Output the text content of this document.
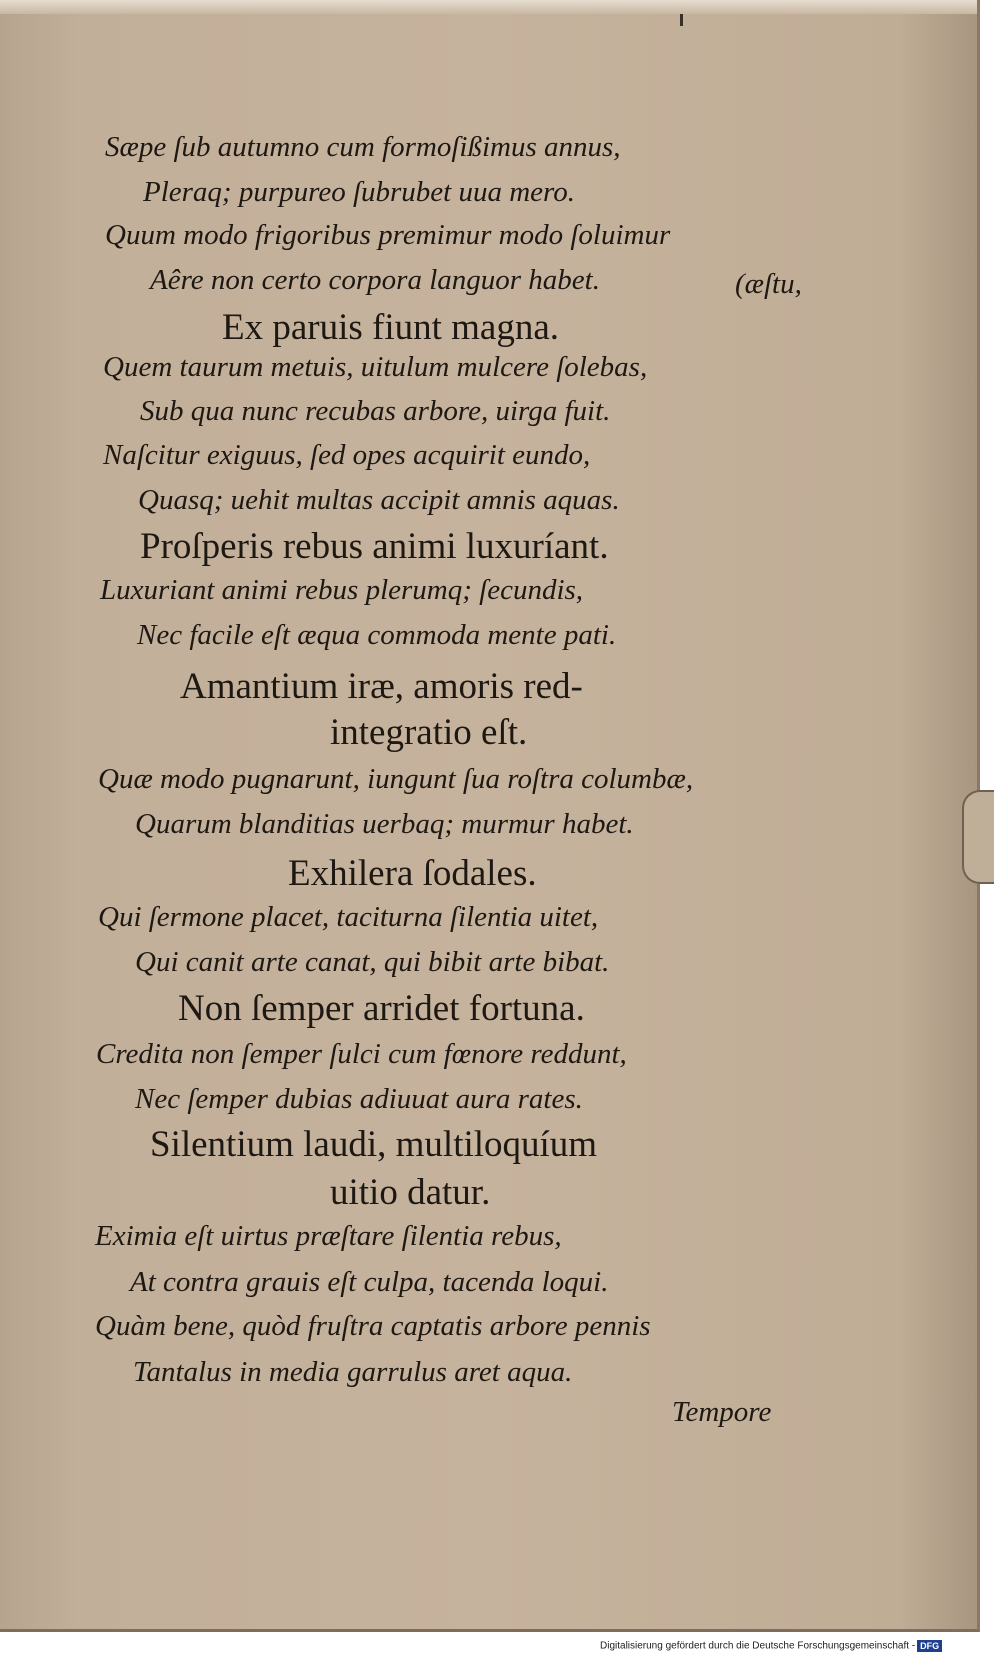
Sæpe ſub autumno cum formoſißimus annus,
Pleraq; purpureo ſubrubet uua mero.
Quum modo frigoribus premimur modo ſoluimur
Aêre non certo corpora languor habet.	(æſtu,
Ex paruis fiunt magna.
Quem taurum metuis, uitulum mulcere ſolebas,
Sub qua nunc recubas arbore, uirga fuit.
Naſcitur exiguus, ſed opes acquirit eundo,
Quasq; uehit multas accipit amnis aquas.
Proſperis rebus animi luxuríant.
Luxuriant animi rebus plerumq; ſecundis,
Nec facile eſt æqua commoda mente pati.
Amantium iræ, amoris red-
integratio eſt.
Quæ modo pugnarunt, iungunt ſua roſtra columbæ,
Quarum blanditias uerbaq; murmur habet.
Exhilera ſodales.
Qui ſermone placet, taciturna ſilentia uitet,
Qui canit arte canat, qui bibit arte bibat.
Non ſemper arridet fortuna.
Credita non ſemper ſulci cum fœnore reddunt,
Nec ſemper dubias adiuuat aura rates.
Silentium laudi, multiloquíum
uitio datur.
Eximia eſt uirtus præſtare ſilentia rebus,
At contra grauis eſt culpa, tacenda loqui.
Quàm bene, quòd fruſtra captatis arbore pennis
Tantalus in media garrulus aret aqua.
Tempore
Digitalisierung gefördert durch die Deutsche Forschungsgemeinschaft - DFG
